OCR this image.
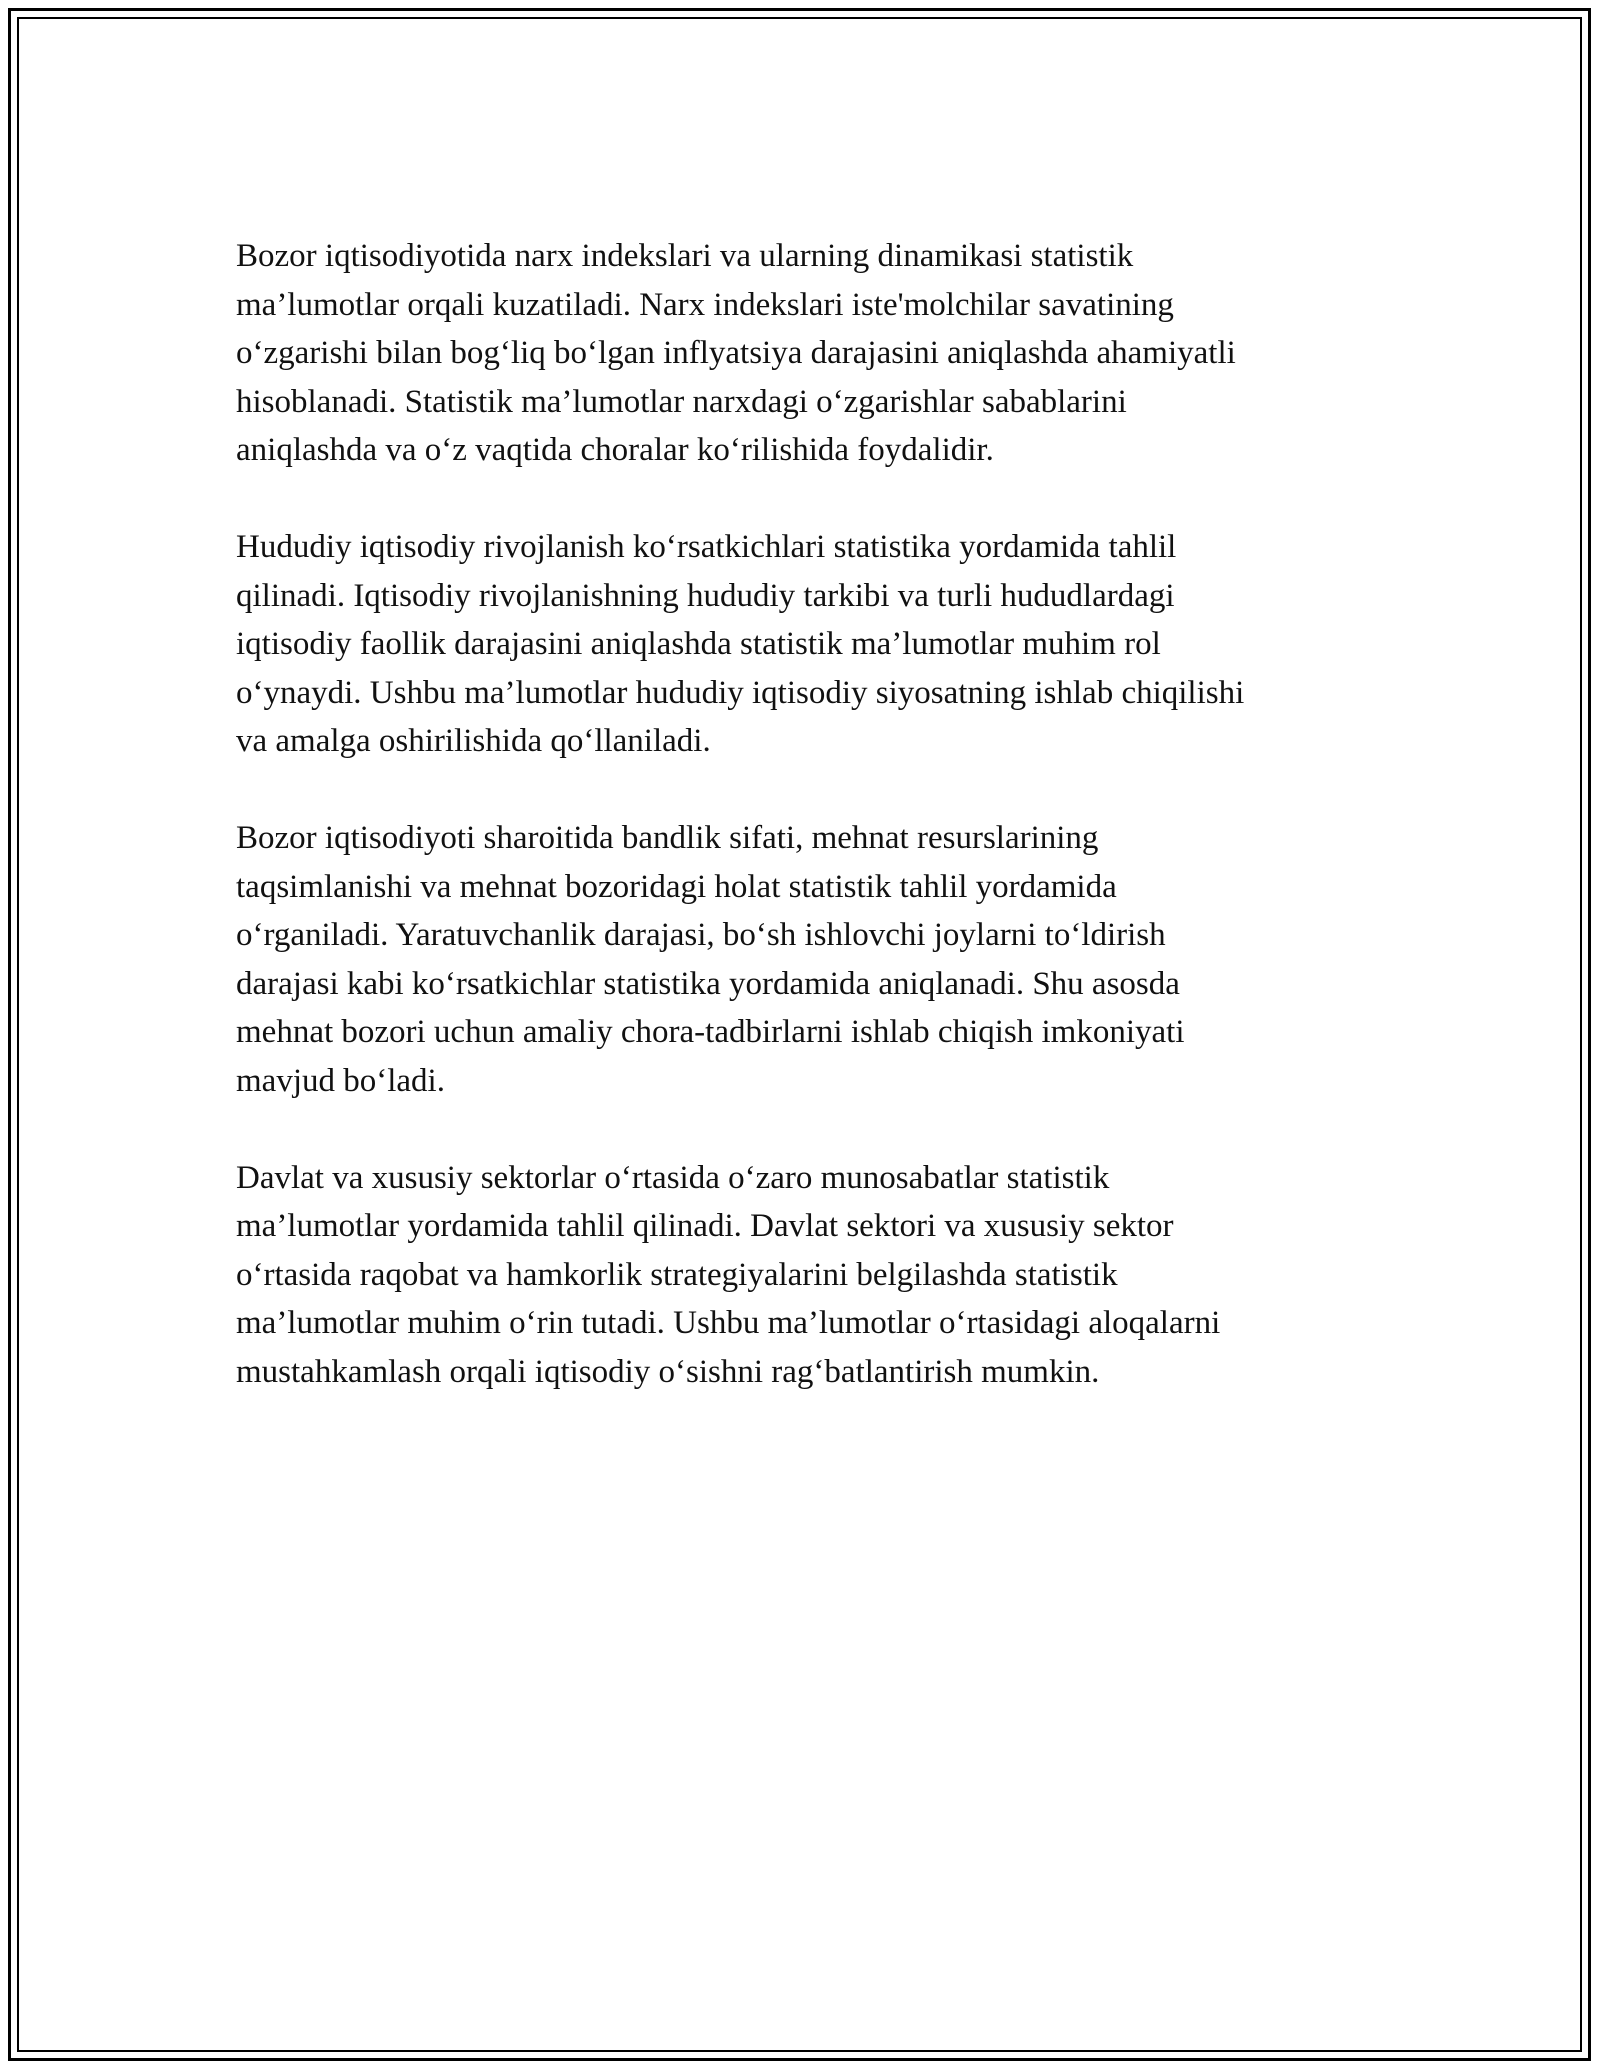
Bozor iqtisodiyotida narx indekslari va ularning dinamikasi statistik
ma’lumotlar orqali kuzatiladi. Narx indekslari iste'molchilar savatining
o‘zgarishi bilan bog‘liq bo‘lgan inflyatsiya darajasini aniqlashda ahamiyatli
hisoblanadi. Statistik ma’lumotlar narxdagi o‘zgarishlar sabablarini
aniqlashda va o‘z vaqtida choralar ko‘rilishida foydalidir.

Hududiy iqtisodiy rivojlanish ko‘rsatkichlari statistika yordamida tahlil
qilinadi. Iqtisodiy rivojlanishning hududiy tarkibi va turli hududlardagi
iqtisodiy faollik darajasini aniqlashda statistik ma’lumotlar muhim rol
o‘ynaydi. Ushbu ma’lumotlar hududiy iqtisodiy siyosatning ishlab chiqilishi
va amalga oshirilishida qo‘llaniladi.

Bozor iqtisodiyoti sharoitida bandlik sifati, mehnat resurslarining
taqsimlanishi va mehnat bozoridagi holat statistik tahlil yordamida
o‘rganiladi. Yaratuvchanlik darajasi, bo‘sh ishlovchi joylarni to‘ldirish
darajasi kabi ko‘rsatkichlar statistika yordamida aniqlanadi. Shu asosda
mehnat bozori uchun amaliy chora-tadbirlarni ishlab chiqish imkoniyati
mavjud bo‘ladi.

Davlat va xususiy sektorlar o‘rtasida o‘zaro munosabatlar statistik
ma’lumotlar yordamida tahlil qilinadi. Davlat sektori va xususiy sektor
o‘rtasida raqobat va hamkorlik strategiyalarini belgilashda statistik
ma’lumotlar muhim o‘rin tutadi. Ushbu ma’lumotlar o‘rtasidagi aloqalarni
mustahkamlash orqali iqtisodiy o‘sishni rag‘batlantirish mumkin.
